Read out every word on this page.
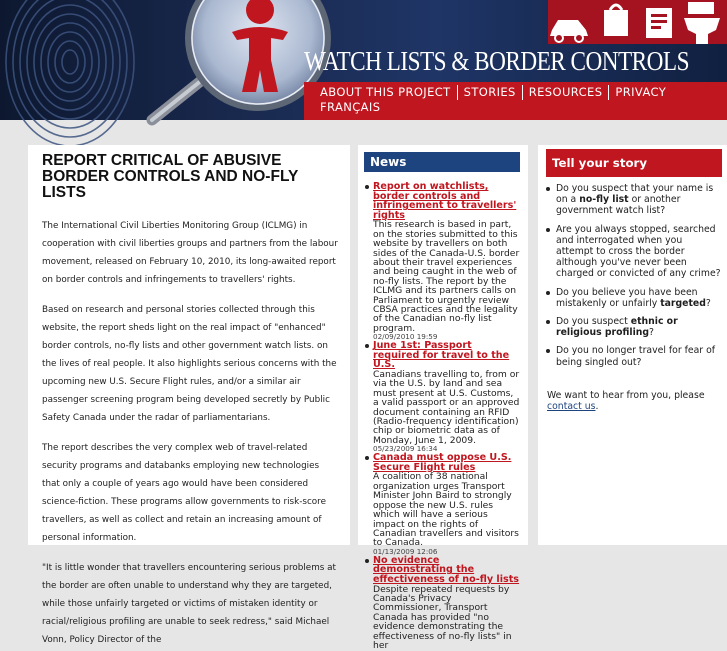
WATCH LISTS & BORDER CONTROLS
ABOUT THIS PROJECT	STORIES	RESOURCES	PRIVACY
FRANÇAIS
REPORT CRITICAL OF ABUSIVE BORDER CONTROLS AND NO-FLY LISTS

The International Civil Liberties Monitoring Group (ICLMG) in cooperation with civil liberties groups and partners from the labour movement, released on February 10, 2010, its long-awaited report on border controls and infringements to travellers' rights.

Based on research and personal stories collected through this website, the report sheds light on the real impact of "enhanced" border controls, no-fly lists and other government watch lists. on the lives of real people. It also highlights serious concerns with the upcoming new U.S. Secure Flight rules, and/or a similar air passenger screening program being developed secretly by Public Safety Canada under the radar of parliamentarians.

The report describes the very complex web of travel-related security programs and databanks employing new technologies that only a couple of years ago would have been considered science-fiction. These programs allow governments to risk-score travellers, as well as collect and retain an increasing amount of personal information.

"It is little wonder that travellers encountering serious problems at the border are often unable to understand why they are targeted, while those unfairly targeted or victims of mistaken identity or racial/religious profiling are unable to seek redress," said Michael Vonn, Policy Director of the

News
Report on watchlists, border controls and infringement to travellers' rights
This research is based in part, on the stories submitted to this website by travellers on both sides of the Canada-U.S. border about their travel experiences and being caught in the web of no-fly lists. The report by the ICLMG and its partners calls on Parliament to urgently review CBSA practices and the legality of the Canadian no-fly list program.
02/09/2010 19:59
June 1st: Passport required for travel to the U.S.
Canadians travelling to, from or via the U.S. by land and sea must present at U.S. Customs, a valid passport or an approved document containing an RFID (Radio-frequency identification) chip or biometric data as of Monday, June 1, 2009.
05/23/2009 16:34
Canada must oppose U.S. Secure Flight rules
A coalition of 38 national organization urges Transport Minister John Baird to strongly oppose the new U.S. rules which will have a serious impact on the rights of Canadian travellers and visitors to Canada.
01/13/2009 12:06
No evidence demonstrating the effectiveness of no-fly lists
Despite repeated requests by Canada's Privacy Commissioner, Transport Canada has provided "no evidence demonstrating the effectiveness of no-fly lists" in her
Tell your story
Do you suspect that your name is on a no-fly list or another government watch list?
Are you always stopped, searched and interrogated when you attempt to cross the border although you've never been charged or convicted of any crime?
Do you believe you have been mistakenly or unfairly targeted?
Do you suspect ethnic or religious profiling?
Do you no longer travel for fear of being singled out?
We want to hear from you, please contact us.
